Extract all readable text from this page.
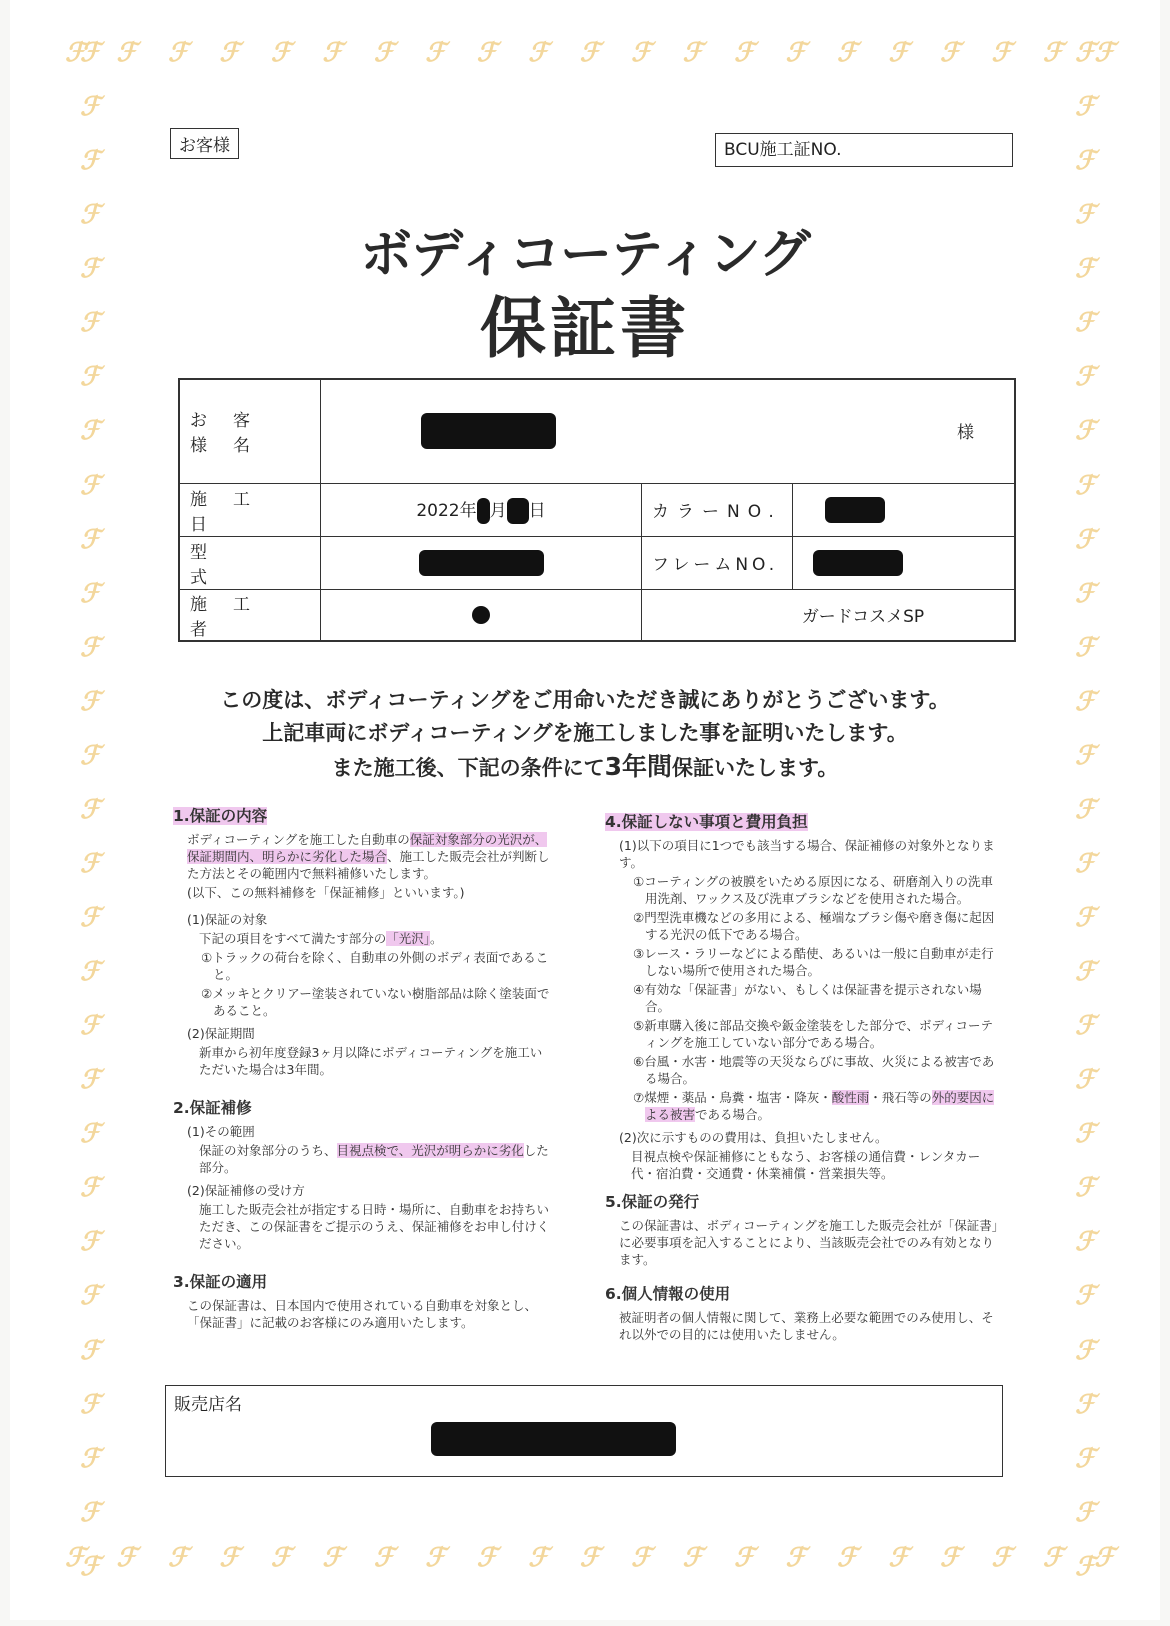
ℱ ℱ ℱ ℱ ℱ ℱ ℱ ℱ ℱ ℱ ℱ ℱ ℱ ℱ ℱ ℱ ℱ ℱ ℱ ℱ ℱ
ℱ ℱ ℱ ℱ ℱ ℱ ℱ ℱ ℱ ℱ ℱ ℱ ℱ ℱ ℱ ℱ ℱ ℱ ℱ ℱ ℱ
ℱ
ℱ
ℱ
ℱ
ℱ
ℱ
ℱ
ℱ
ℱ
ℱ
ℱ
ℱ
ℱ
ℱ
ℱ
ℱ
ℱ
ℱ
ℱ
ℱ
ℱ
ℱ
ℱ
ℱ
ℱ
ℱ
ℱ
ℱ
ℱ
ℱ
ℱ
ℱ
ℱ
ℱ
ℱ
ℱ
ℱ
ℱ
ℱ
ℱ
ℱ
ℱ
ℱ
ℱ
ℱ
ℱ
ℱ
ℱ
ℱ
ℱ
ℱ
ℱ
ℱ
ℱ
ℱ
ℱ
ℱ
ℱ
お客様	BCU施工証NO.
ボディコーティング
保証書
お客様名	様		

施工日	2022年 月 日	カラーNO.	
型式		フレームNO.	
施工者		ガードコスメSP	
この度は、ボディコーティングをご用命いただき誠にありがとうございます。
上記車両にボディコーティングを施工しました事を証明いたします。
また施工後、下記の条件にて3年間保証いたします。
1.保証の内容

ボディコーティングを施工した自動車の保証対象部分の光沢が、保証期間内、明らかに劣化した場合、施工した販売会社が判断した方法とその範囲内で無料補修いたします。

(以下、この無料補修を「保証補修」といいます。)

(1)保証の対象

下記の項目をすべて満たす部分の「光沢」。

①トラックの荷台を除く、自動車の外側のボディ表面であること。

②メッキとクリアー塗装されていない樹脂部品は除く塗装面であること。

(2)保証期間

新車から初年度登録3ヶ月以降にボディコーティングを施工いただいた場合は3年間。

2.保証補修

(1)その範囲

保証の対象部分のうち、目視点検で、光沢が明らかに劣化した部分。

(2)保証補修の受け方

施工した販売会社が指定する日時・場所に、自動車をお持ちいただき、この保証書をご提示のうえ、保証補修をお申し付けください。

3.保証の適用

この保証書は、日本国内で使用されている自動車を対象とし、「保証書」に記載のお客様にのみ適用いたします。

4.保証しない事項と費用負担

(1)以下の項目に1つでも該当する場合、保証補修の対象外となります。

①コーティングの被膜をいためる原因になる、研磨剤入りの洗車用洗剤、ワックス及び洗車ブラシなどを使用された場合。

②門型洗車機などの多用による、極端なブラシ傷や磨き傷に起因する光沢の低下である場合。

③レース・ラリーなどによる酷使、あるいは一般に自動車が走行しない場所で使用された場合。

④有効な「保証書」がない、もしくは保証書を提示されない場合。

⑤新車購入後に部品交換や鈑金塗装をした部分で、ボディコーティングを施工していない部分である場合。

⑥台風・水害・地震等の天災ならびに事故、火災による被害である場合。

⑦煤煙・薬品・鳥糞・塩害・降灰・酸性雨・飛石等の外的要因による被害である場合。

(2)次に示すものの費用は、負担いたしません。

目視点検や保証補修にともなう、お客様の通信費・レンタカー代・宿泊費・交通費・休業補償・営業損失等。

5.保証の発行

この保証書は、ボディコーティングを施工した販売会社が「保証書」に必要事項を記入することにより、当該販売会社でのみ有効となります。

6.個人情報の使用

被証明者の個人情報に関して、業務上必要な範囲でのみ使用し、それ以外での目的には使用いたしません。

販売店名
